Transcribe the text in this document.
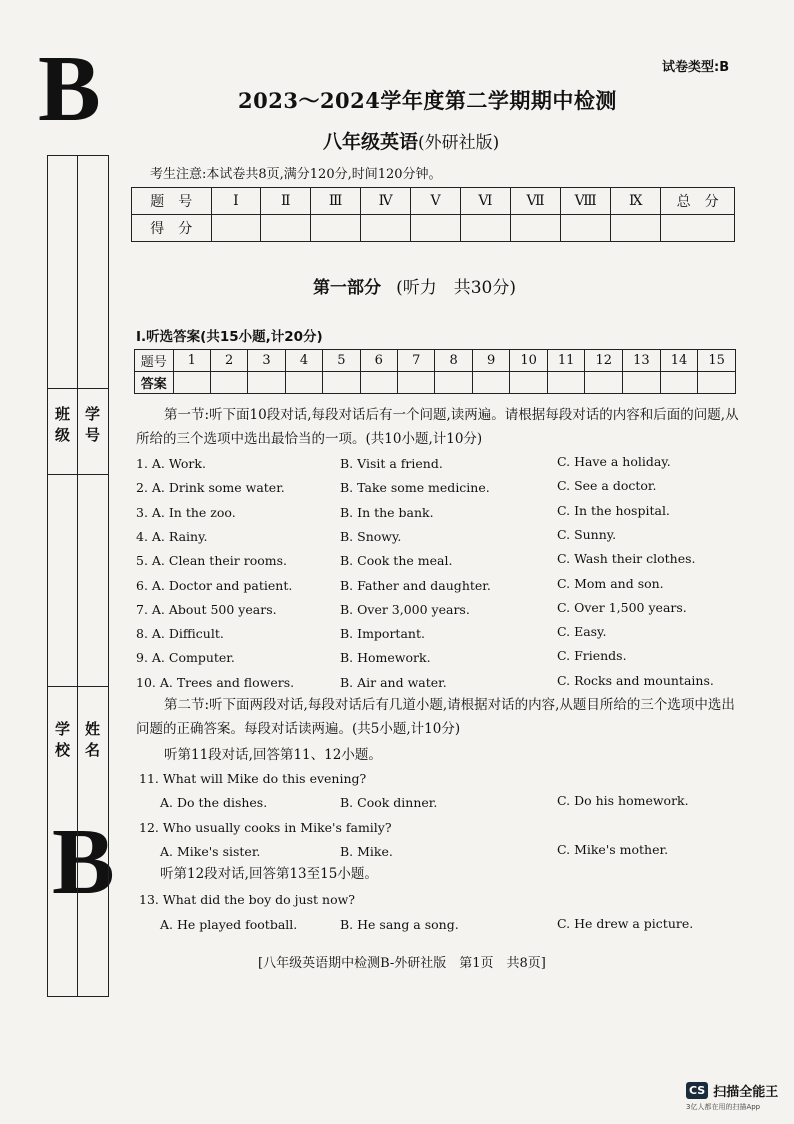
B
B
试卷类型:B
2023～2024学年度第二学期期中检测
八年级英语(外研社版)
考生注意:本试卷共8页,满分120分,时间120分钟。
题　号	Ⅰ	Ⅱ	Ⅲ	Ⅳ	Ⅴ	Ⅵ	Ⅶ	Ⅷ	Ⅸ	总　分
得　分										
班级 学号
学校 姓名
第一部分 (听力　共30分)
Ⅰ.听选答案(共15小题,计20分)
题号	1	2	3	4	5	6	7	8	9	10	11	12	13	14	15
答案															
第一节:听下面10段对话,每段对话后有一个问题,读两遍。请根据每段对话的内容和后面的问题,从所给的三个选项中选出最恰当的一项。(共10小题,计10分)
1. A. Work.	B. Visit a friend.	C. Have a holiday.
2. A. Drink some water.	B. Take some medicine.	C. See a doctor.
3. A. In the zoo.	B. In the bank.	C. In the hospital.
4. A. Rainy.	B. Snowy.	C. Sunny.
5. A. Clean their rooms.	B. Cook the meal.	C. Wash their clothes.
6. A. Doctor and patient.	B. Father and daughter.	C. Mom and son.
7. A. About 500 years.	B. Over 3,000 years.	C. Over 1,500 years.
8. A. Difficult.	B. Important.	C. Easy.
9. A. Computer.	B. Homework.	C. Friends.
10. A. Trees and flowers.	B. Air and water.	C. Rocks and mountains.
第二节:听下面两段对话,每段对话后有几道小题,请根据对话的内容,从题目所给的三个选项中选出问题的正确答案。每段对话读两遍。(共5小题,计10分)
听第11段对话,回答第11、12小题。
11. What will Mike do this evening?
A. Do the dishes.	B. Cook dinner.	C. Do his homework.
12. Who usually cooks in Mike's family?
A. Mike's sister.	B. Mike.	C. Mike's mother.
听第12段对话,回答第13至15小题。
13. What did the boy do just now?
A. He played football.	B. He sang a song.	C. He drew a picture.
[八年级英语期中检测B-外研社版　第1页　共8页]
CS 扫描全能王
3亿人都在用的扫描App
